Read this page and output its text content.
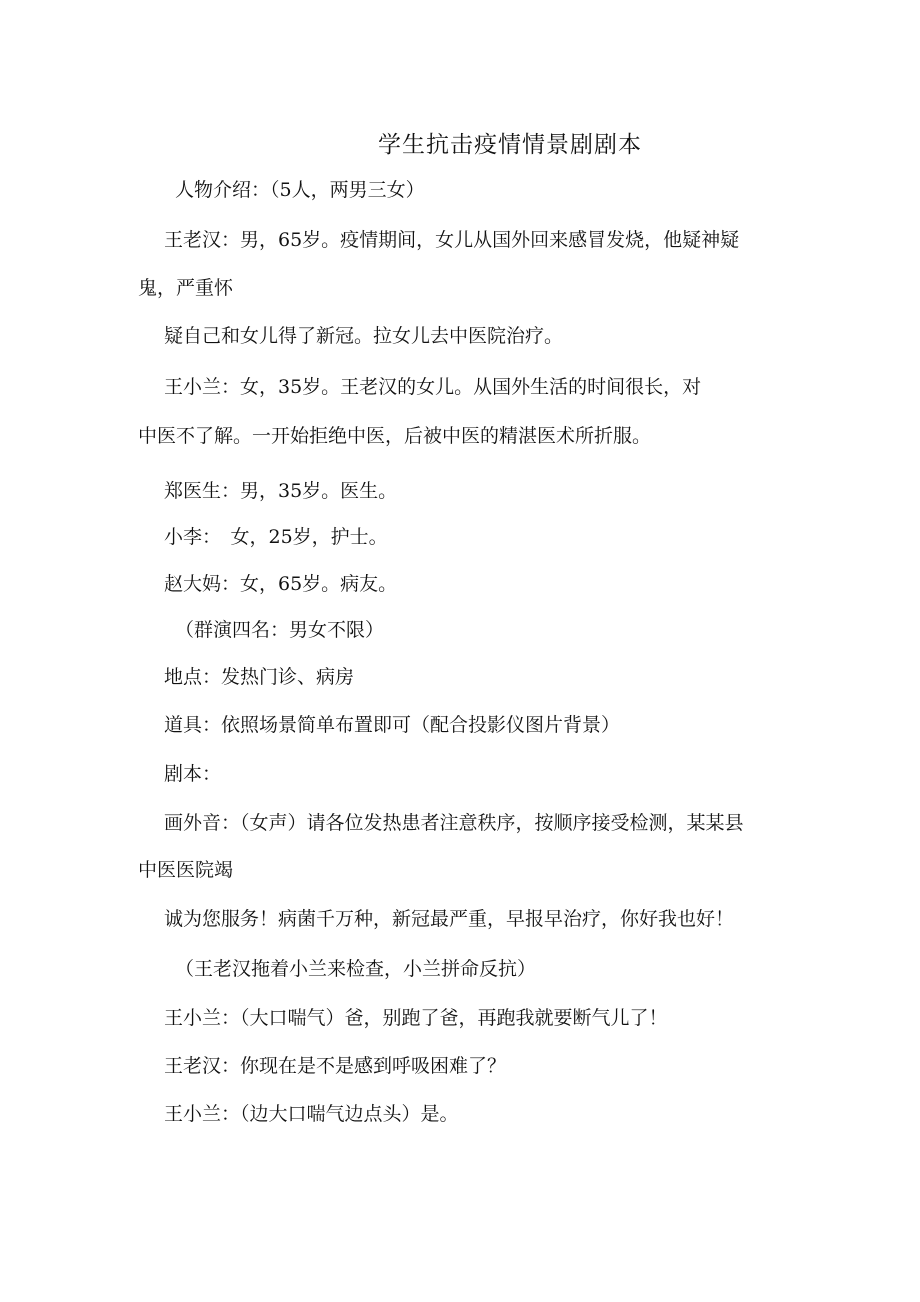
学生抗击疫情情景剧剧本
人物介绍：（5人，两男三女）
王老汉：男，65岁。疫情期间，女儿从国外回来感冒发烧，他疑神疑
鬼，严重怀
疑自己和女儿得了新冠。拉女儿去中医院治疗。
王小兰：女，35岁。王老汉的女儿。从国外生活的时间很长，对
中医不了解。一开始拒绝中医，后被中医的精湛医术所折服。
郑医生：男，35岁。医生。
小李：　女，25岁，护士。
赵大妈：女，65岁。病友。
（群演四名：男女不限）
地点：发热门诊、病房
道具：依照场景简单布置即可（配合投影仪图片背景）
剧本：
画外音：（女声）请各位发热患者注意秩序，按顺序接受检测，某某县
中医医院竭
诚为您服务！病菌千万种，新冠最严重，早报早治疗，你好我也好！
（王老汉拖着小兰来检查，小兰拼命反抗）
王小兰：（大口喘气）爸，别跑了爸，再跑我就要断气儿了！
王老汉：你现在是不是感到呼吸困难了？
王小兰：（边大口喘气边点头）是。
